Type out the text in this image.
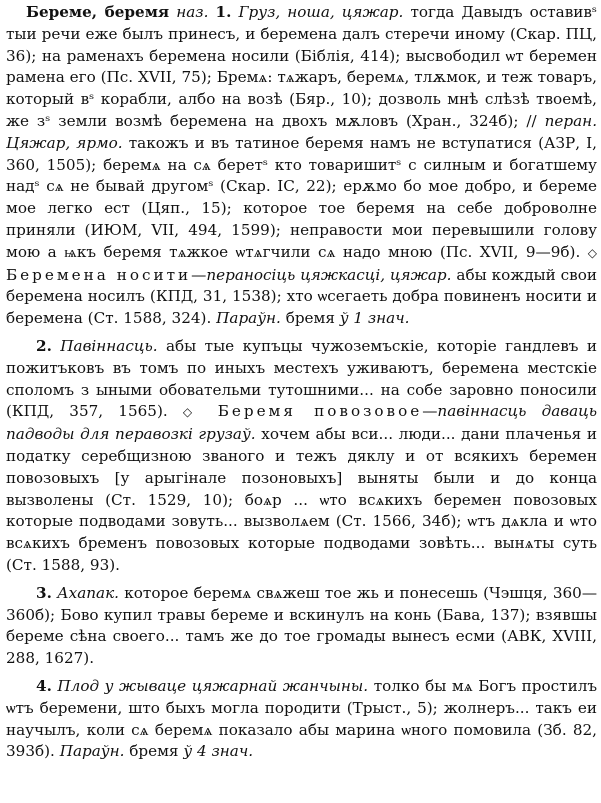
Береме, беремя наз. 1. Груз, ноша, цяжар. тогда Давыдъ оставивˢ тыи речи еже былъ принесъ, и беремена далъ стеречи иному (Скар. ПЦ, 36); на раменахъ беремена носили (Біблія, 414); высвободил ѡт беремен рамена его (Пс. XVII, 75); Бремѧ: тѧжаръ, беремѧ, тлѫмок, и теж товаръ, который вˢ корабли, албо на возѣ (Бяр., 10); дозволь мнѣ слѣзѣ твоемѣ, же зˢ земли возмѣ беремена на двохъ мѫловъ (Хран., 324б); // перан. Цяжар, ярмо. такожъ и въ татиное беремя намъ не вступатися (АЗР, I, 360, 1505); беремѧ на сѧ беретˢ кто товаришитˢ с силным и богатшему надˢ сѧ не бывай другомˢ (Скар. ІС, 22); ерѫмо бо мое добро, и береме мое легко ест (Цяп., 15); которое тое беремя на себе доброволне приняли (ИЮМ, VII, 494, 1599); неправости мои перевышили голову мою а ѩкъ беремя тѧжкое ѡтѧгчили сѧ надо мною (Пс. XVII, 9—9б). ◇ Беремена носити—пераносіць цяжкасці, цяжар. абы кождый свои беремена носилъ (КПД, 31, 1538); хто ѡсегаеть добра повиненъ носити и беремена (Ст. 1588, 324). Параўн. бремя ў 1 знач.

2. Павіннасць. абы тые купъцы чужоземъскіе, которіе гандлевъ и пожитъковъ въ томъ по иныхъ местехъ уживаютъ, беремена местскіе споломъ з ыными обовательми тутошними... на собе заровно поносили (КПД, 357, 1565). ◇ Беремя повозовое—павіннасць даваць падводы для перавозкі грузаў. хочем абы вси... люди... дани плаченья и податку серебщизною званого и тежъ дяклу и от всякихъ беремен повозовыхъ [у арыгінале позоновыхъ] выняты были и до конца вызволены (Ст. 1529, 10); боѧр ... ѡто всѧкихъ беремен повозовых которые подводами зовуть... вызволѧем (Ст. 1566, 34б); ѡтъ дѧкла и ѡто всѧкихъ бременъ повозовых которые подводами зовѣть... вынѧты суть (Ст. 1588, 93).

3. Ахапак. которое беремѧ свѧжеш тое жь и понесешь (Чэшця, 360—360б); Бово купил травы береме и вскинулъ на конь (Бава, 137); взявшы береме сѣна своего... тамъ же до тое громады вынесъ есми (АВК, XVIII, 288, 1627).

4. Плод у жываце цяжарнай жанчыны. толко бы мѧ Богъ простилъ ѡтъ беремени, што быхъ могла породити (Трыст., 5); жолнеръ... такъ еи научылъ, коли сѧ беремѧ показало абы марина ѡного помовила (Зб. 82, 393б). Параўн. бремя ў 4 знач.
